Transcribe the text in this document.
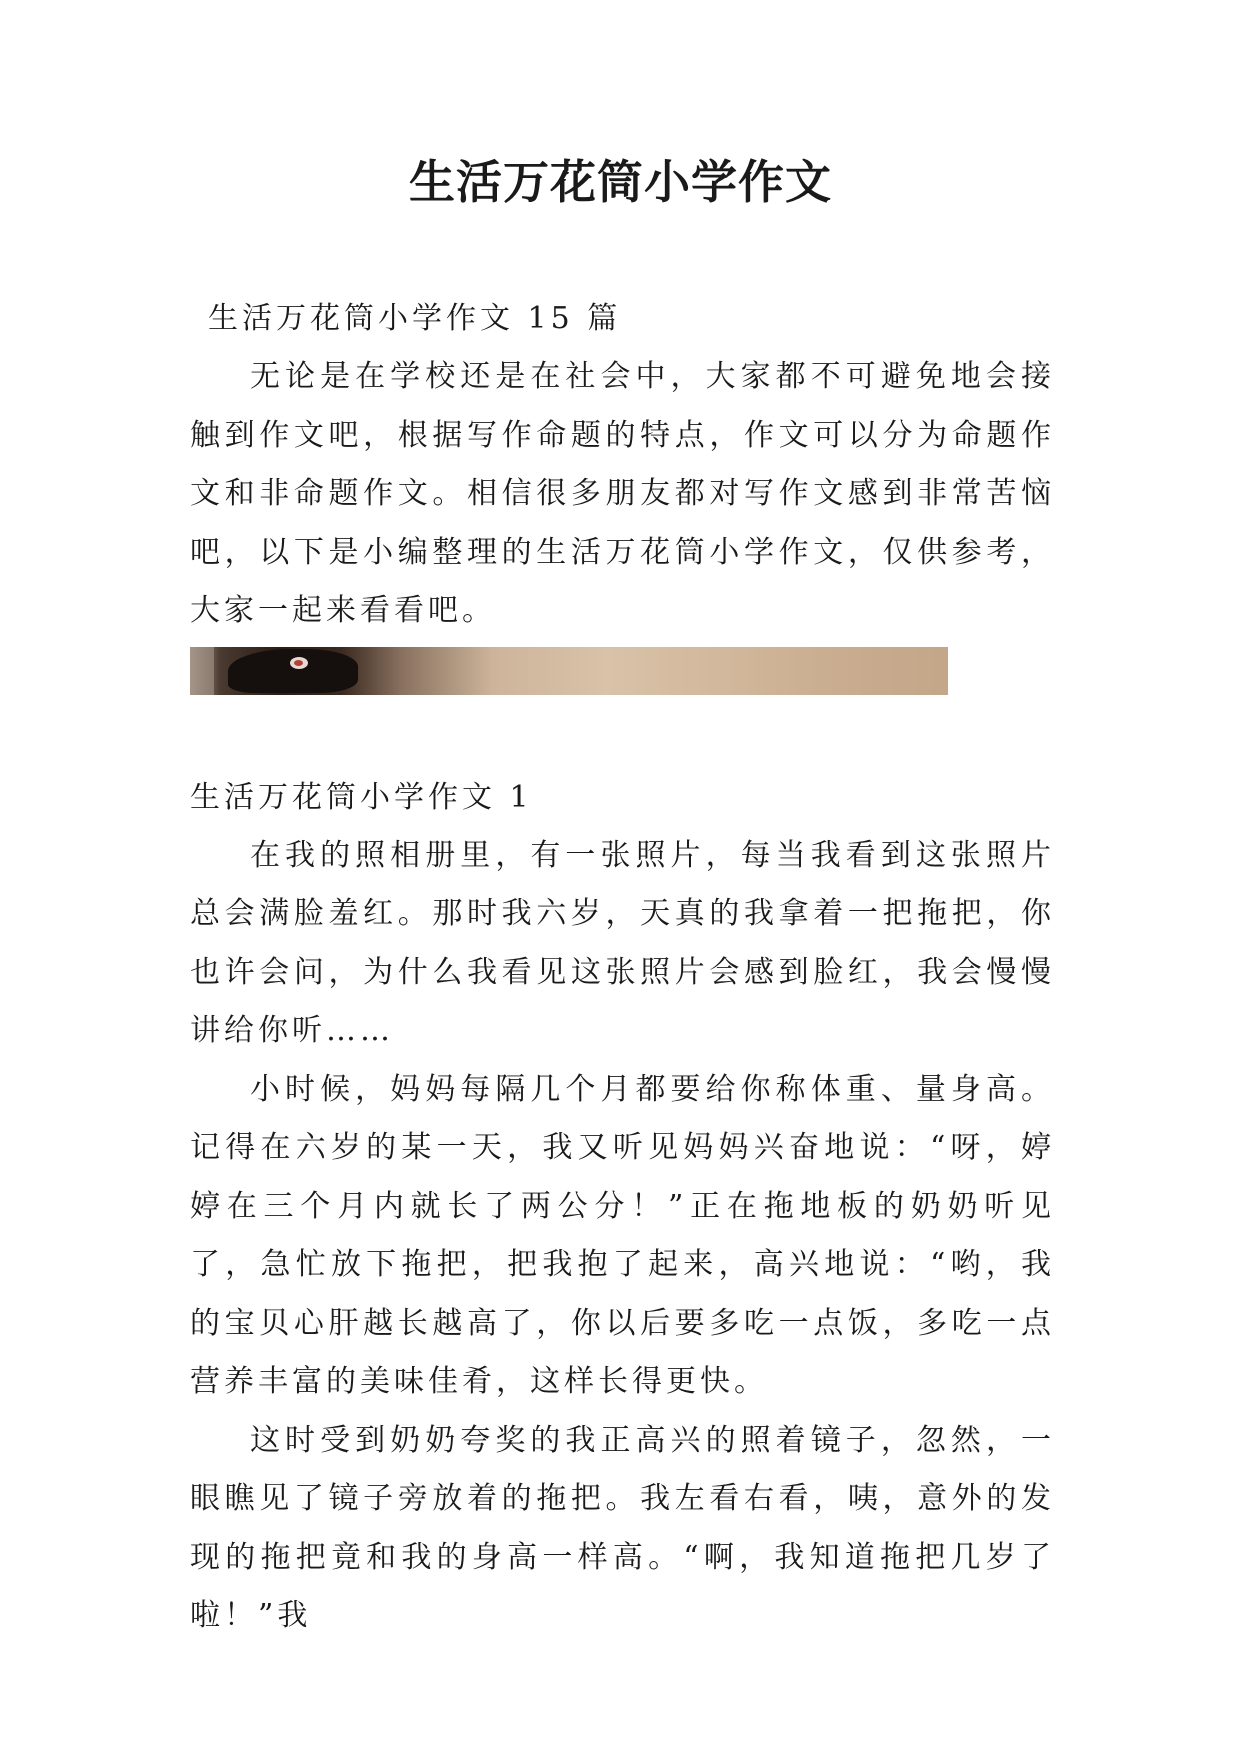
生活万花筒小学作文

生活万花筒小学作文 15 篇

无论是在学校还是在社会中，大家都不可避免地会接触到作文吧，根据写作命题的特点，作文可以分为命题作文和非命题作文。相信很多朋友都对写作文感到非常苦恼吧，以下是小编整理的生活万花筒小学作文，仅供参考，大家一起来看看吧。

生活万花筒小学作文 1

在我的照相册里，有一张照片，每当我看到这张照片总会满脸羞红。那时我六岁，天真的我拿着一把拖把，你也许会问，为什么我看见这张照片会感到脸红，我会慢慢讲给你听……

小时候，妈妈每隔几个月都要给你称体重、量身高。记得在六岁的某一天，我又听见妈妈兴奋地说：“呀，婷婷在三个月内就长了两公分！”正在拖地板的奶奶听见了，急忙放下拖把，把我抱了起来，高兴地说：“哟，我的宝贝心肝越长越高了，你以后要多吃一点饭，多吃一点营养丰富的美味佳肴，这样长得更快。

这时受到奶奶夸奖的我正高兴的照着镜子，忽然，一眼瞧见了镜子旁放着的拖把。我左看右看，咦，意外的发现的拖把竟和我的身高一样高。“啊，我知道拖把几岁了啦！”我
